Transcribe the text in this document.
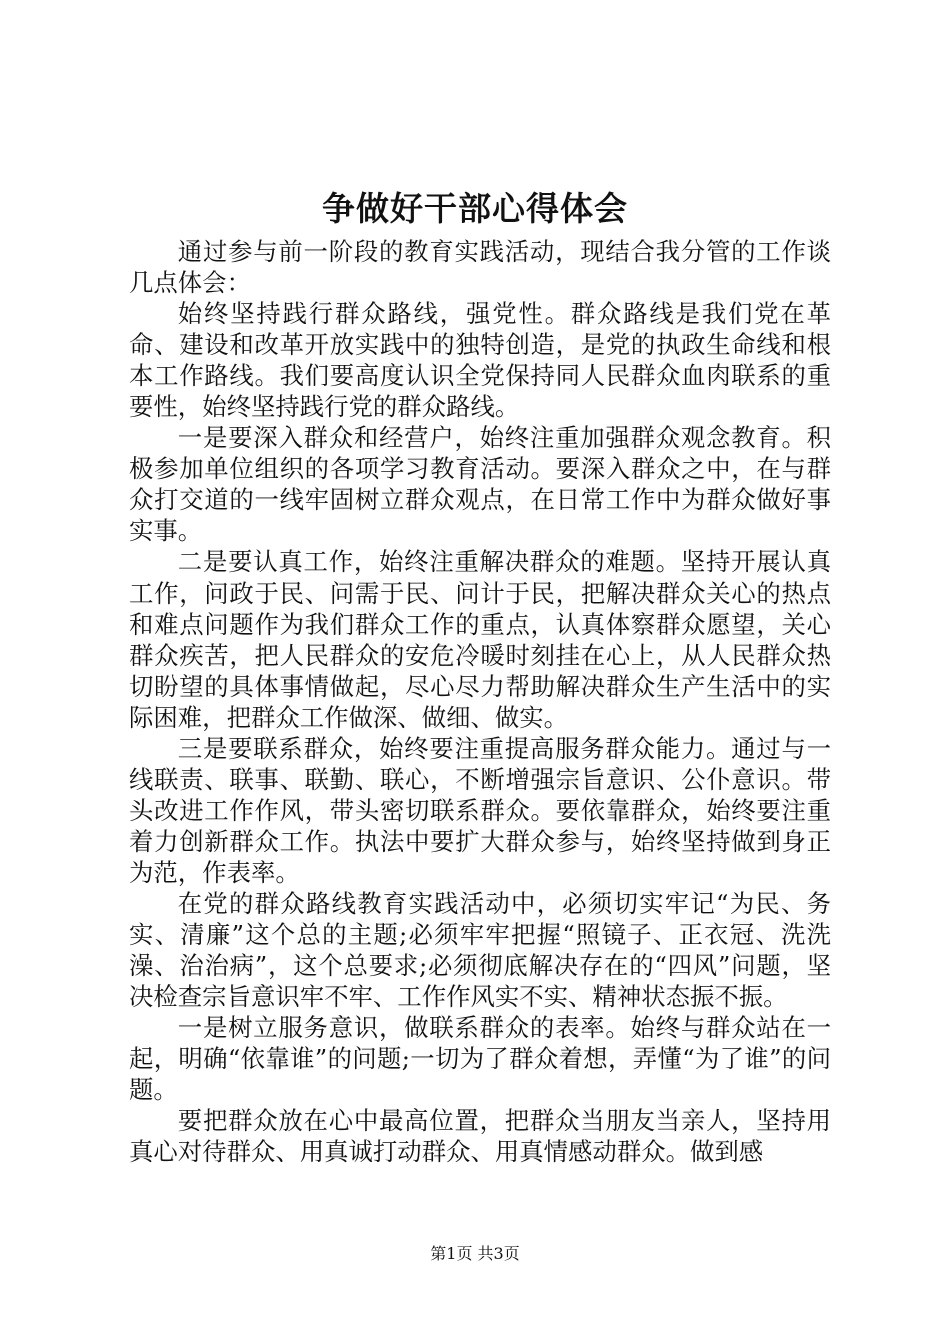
争做好干部心得体会

通过参与前一阶段的教育实践活动，现结合我分管的工作谈几点体会：

始终坚持践行群众路线，强党性。群众路线是我们党在革命、建设和改革开放实践中的独特创造，是党的执政生命线和根本工作路线。我们要高度认识全党保持同人民群众血肉联系的重要性，始终坚持践行党的群众路线。

一是要深入群众和经营户，始终注重加强群众观念教育。积极参加单位组织的各项学习教育活动。要深入群众之中，在与群众打交道的一线牢固树立群众观点，在日常工作中为群众做好事实事。

二是要认真工作，始终注重解决群众的难题。坚持开展认真工作，问政于民、问需于民、问计于民，把解决群众关心的热点和难点问题作为我们群众工作的重点，认真体察群众愿望，关心群众疾苦，把人民群众的安危冷暖时刻挂在心上，从人民群众热切盼望的具体事情做起，尽心尽力帮助解决群众生产生活中的实际困难，把群众工作做深、做细、做实。

三是要联系群众，始终要注重提高服务群众能力。通过与一线联责、联事、联勤、联心，不断增强宗旨意识、公仆意识。带头改进工作作风，带头密切联系群众。要依靠群众，始终要注重着力创新群众工作。执法中要扩大群众参与，始终坚持做到身正为范，作表率。

在党的群众路线教育实践活动中，必须切实牢记“为民、务实、清廉”这个总的主题;必须牢牢把握“照镜子、正衣冠、洗洗澡、治治病”，这个总要求;必须彻底解决存在的“四风”问题，坚决检查宗旨意识牢不牢、工作作风实不实、精神状态振不振。

一是树立服务意识，做联系群众的表率。始终与群众站在一起，明确“依靠谁”的问题;一切为了群众着想，弄懂“为了谁”的问题。

要把群众放在心中最高位置，把群众当朋友当亲人，坚持用真心对待群众、用真诚打动群众、用真情感动群众。做到感

第1页 共3页
